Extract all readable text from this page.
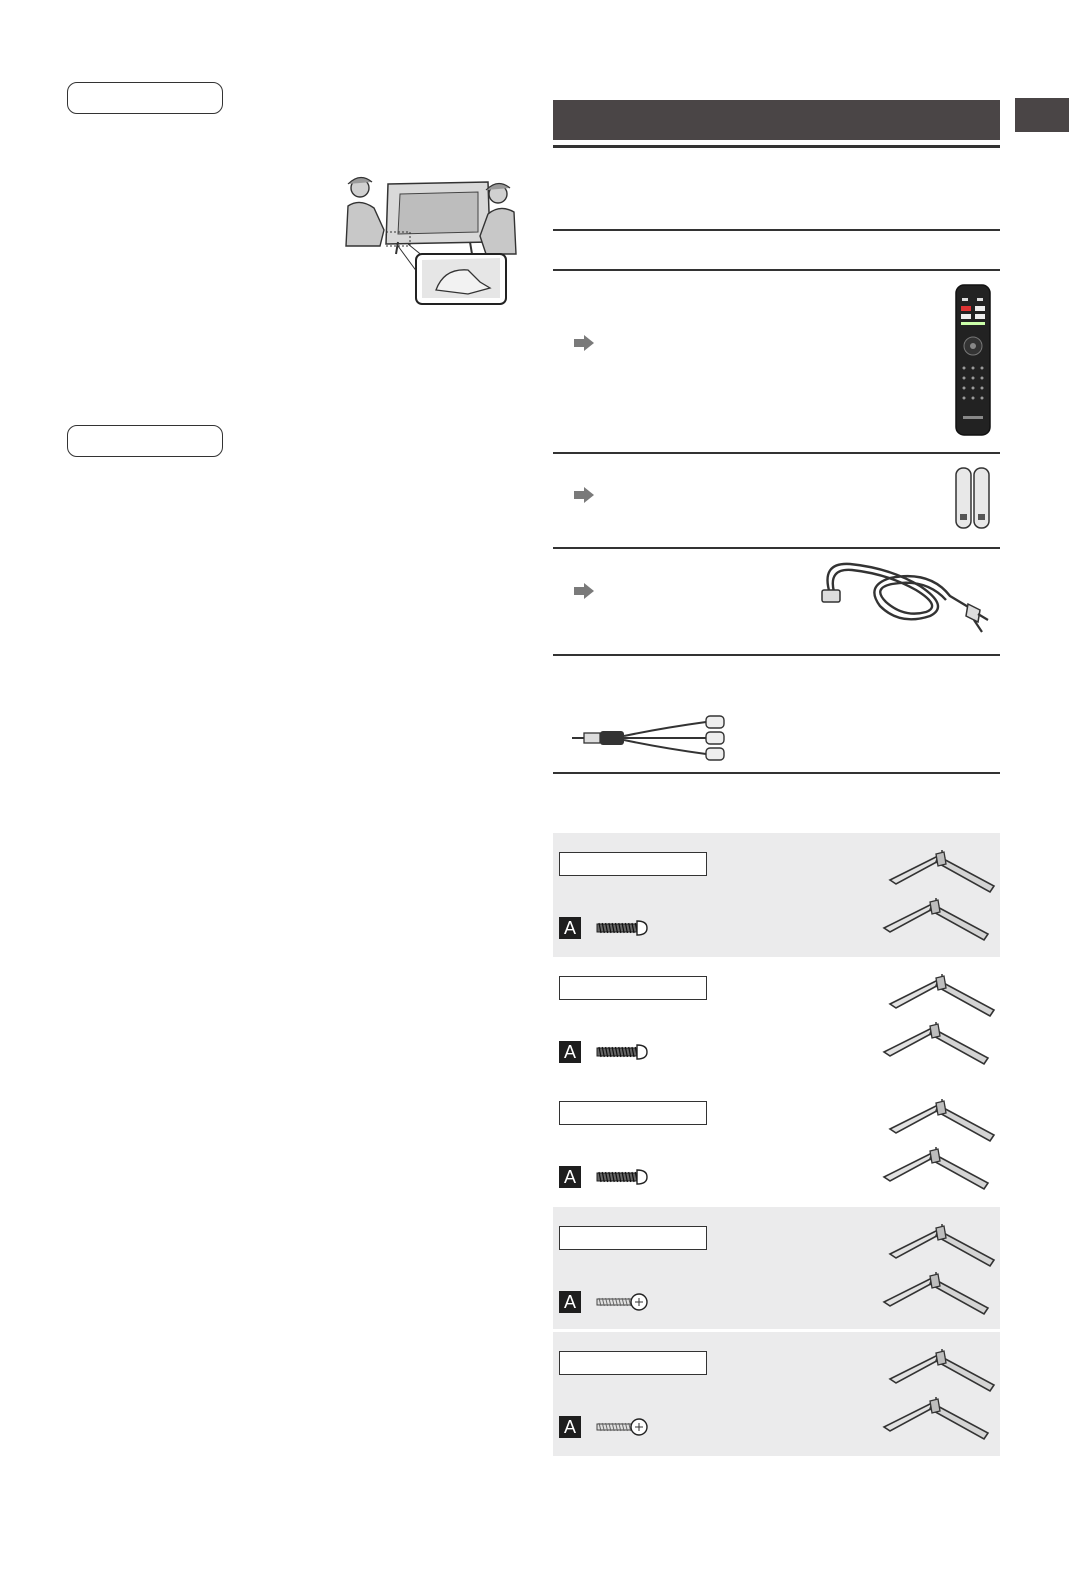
A
A
A
A
A
